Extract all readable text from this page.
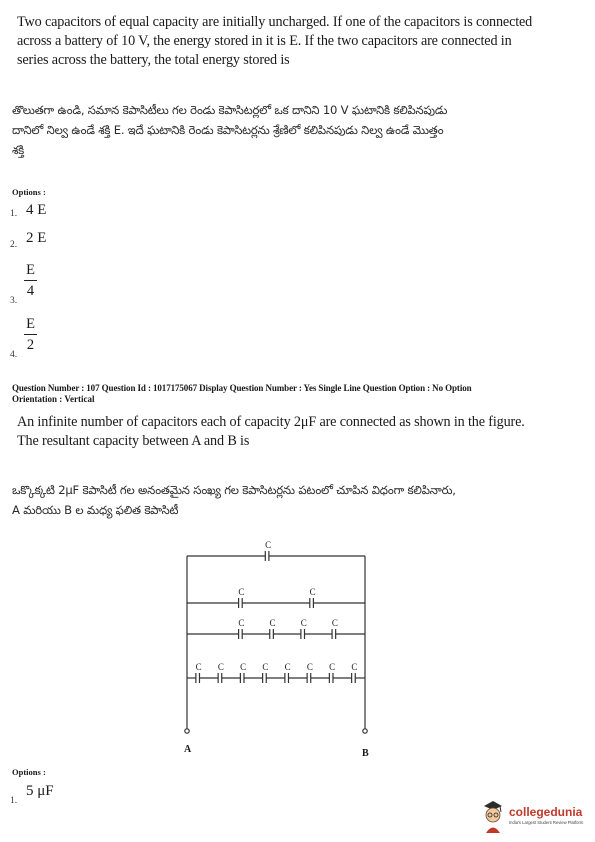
Two capacitors of equal capacity are initially uncharged. If one of the capacitors is connected
across a battery of 10 V, the energy stored in it is E. If the two capacitors are connected in
series across the battery, the total energy stored is
తొలుతగా ఉండి, సమాన కెపాసిటీలు గల రెండు కెపాసిటర్లలో ఒక దానిని 10 V ఘటానికి కలిపినపుడు
దానిలో నిల్వ ఉండే శక్తి E. ఇదే ఘటానికి రెండు కెపాసిటర్లను శ్రేణిలో కలిపినపుడు నిల్వ ఉండే మొత్తం
శక్తి
Options :
1. 4 E
2. 2 E
3.
E
4
4.
E
2
Question Number : 107 Question Id : 1017175067 Display Question Number : Yes Single Line Question Option : No Option
Orientation : Vertical
An infinite number of capacitors each of capacity 2μF are connected as shown in the figure.
The resultant capacity between A and B is
ఒక్కొక్కటి 2μF కెపాసిటీ గల అనంతమైన సంఖ్య గల కెపాసిటర్లను పటంలో చూపిన విధంగా కలిపినారు,
A మరియు B ల మధ్య ఫలిత కెపాసిటీ
C
C	C
C	C	C	C
C C C C C C C C
A	B
Options :
1.
5 μF
collegedunia
India's Largest Student Review Platform
